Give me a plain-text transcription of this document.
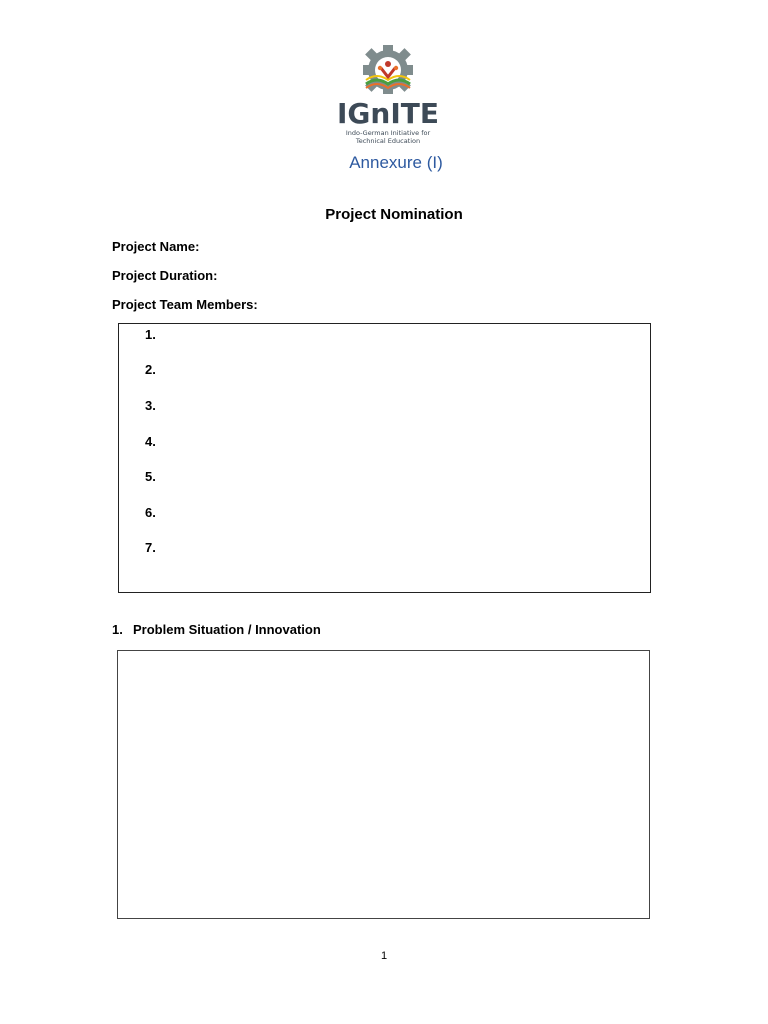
IGnITE
Indo-German Initiative for
Technical Education
Annexure (I)
Project Nomination
Project Name:
Project Duration:
Project Team Members:
1.
2.
3.
4.
5.
6.
7.
1. Problem Situation / Innovation
1
